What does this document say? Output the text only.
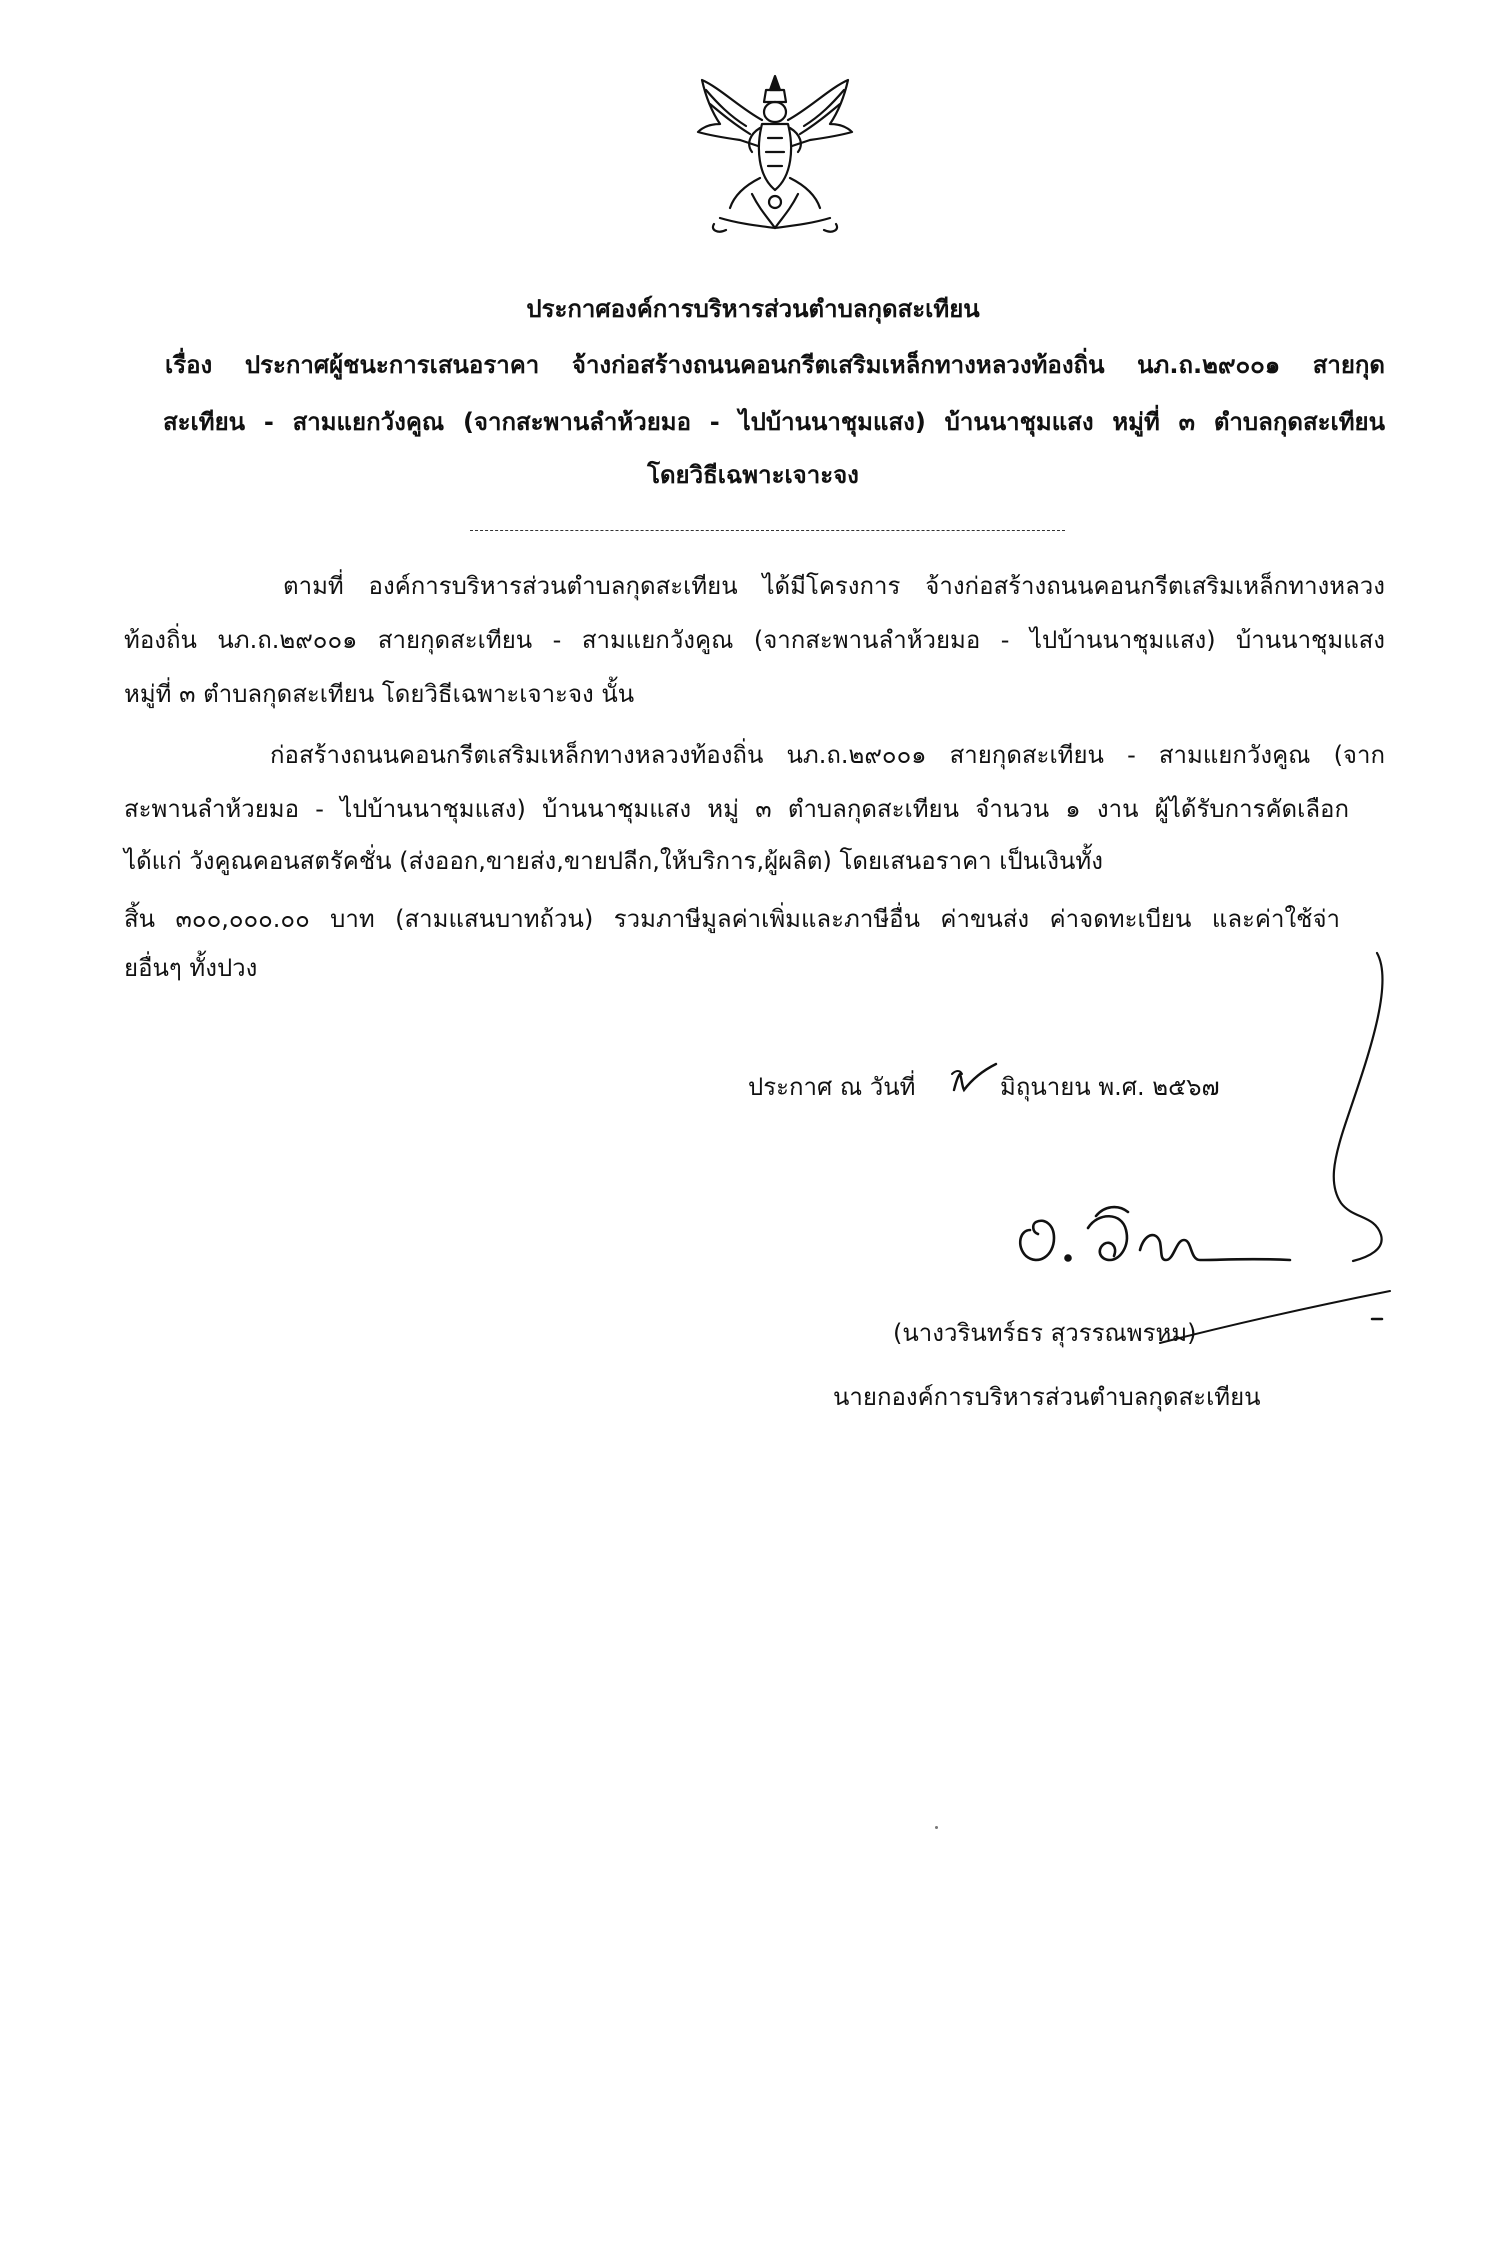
ประกาศองค์การบริหารส่วนตำบลกุดสะเทียน
เรื่อง ประกาศผู้ชนะการเสนอราคา จ้างก่อสร้างถนนคอนกรีตเสริมเหล็กทางหลวงท้องถิ่น นภ.ถ.๒๙๐๐๑ สายกุด
สะเทียน - สามแยกวังคูณ (จากสะพานลำห้วยมอ - ไปบ้านนาชุมแสง) บ้านนาชุมแสง หมู่ที่ ๓ ตำบลกุดสะเทียน
โดยวิธีเฉพาะเจาะจง
ตามที่ องค์การบริหารส่วนตำบลกุดสะเทียน ได้มีโครงการ จ้างก่อสร้างถนนคอนกรีตเสริมเหล็กทางหลวง
ท้องถิ่น นภ.ถ.๒๙๐๐๑ สายกุดสะเทียน - สามแยกวังคูณ (จากสะพานลำห้วยมอ - ไปบ้านนาชุมแสง) บ้านนาชุมแสง
หมู่ที่ ๓ ตำบลกุดสะเทียน โดยวิธีเฉพาะเจาะจง นั้น
ก่อสร้างถนนคอนกรีตเสริมเหล็กทางหลวงท้องถิ่น นภ.ถ.๒๙๐๐๑ สายกุดสะเทียน - สามแยกวังคูณ (จาก
สะพานลำห้วยมอ - ไปบ้านนาชุมแสง) บ้านนาชุมแสง หมู่ ๓ ตำบลกุดสะเทียน จำนวน ๑ งาน ผู้ได้รับการคัดเลือก
ได้แก่ วังคูณคอนสตรัคชั่น (ส่งออก,ขายส่ง,ขายปลีก,ให้บริการ,ผู้ผลิต) โดยเสนอราคา เป็นเงินทั้ง
สิ้น ๓๐๐,๐๐๐.๐๐ บาท (สามแสนบาทถ้วน) รวมภาษีมูลค่าเพิ่มและภาษีอื่น ค่าขนส่ง ค่าจดทะเบียน และค่าใช้จ่า
ยอื่นๆ ทั้งปวง
ประกาศ ณ วันที่	มิถุนายน พ.ศ. ๒๕๖๗
(นางวรินทร์ธร สุวรรณพรหม)
นายกองค์การบริหารส่วนตำบลกุดสะเทียน
